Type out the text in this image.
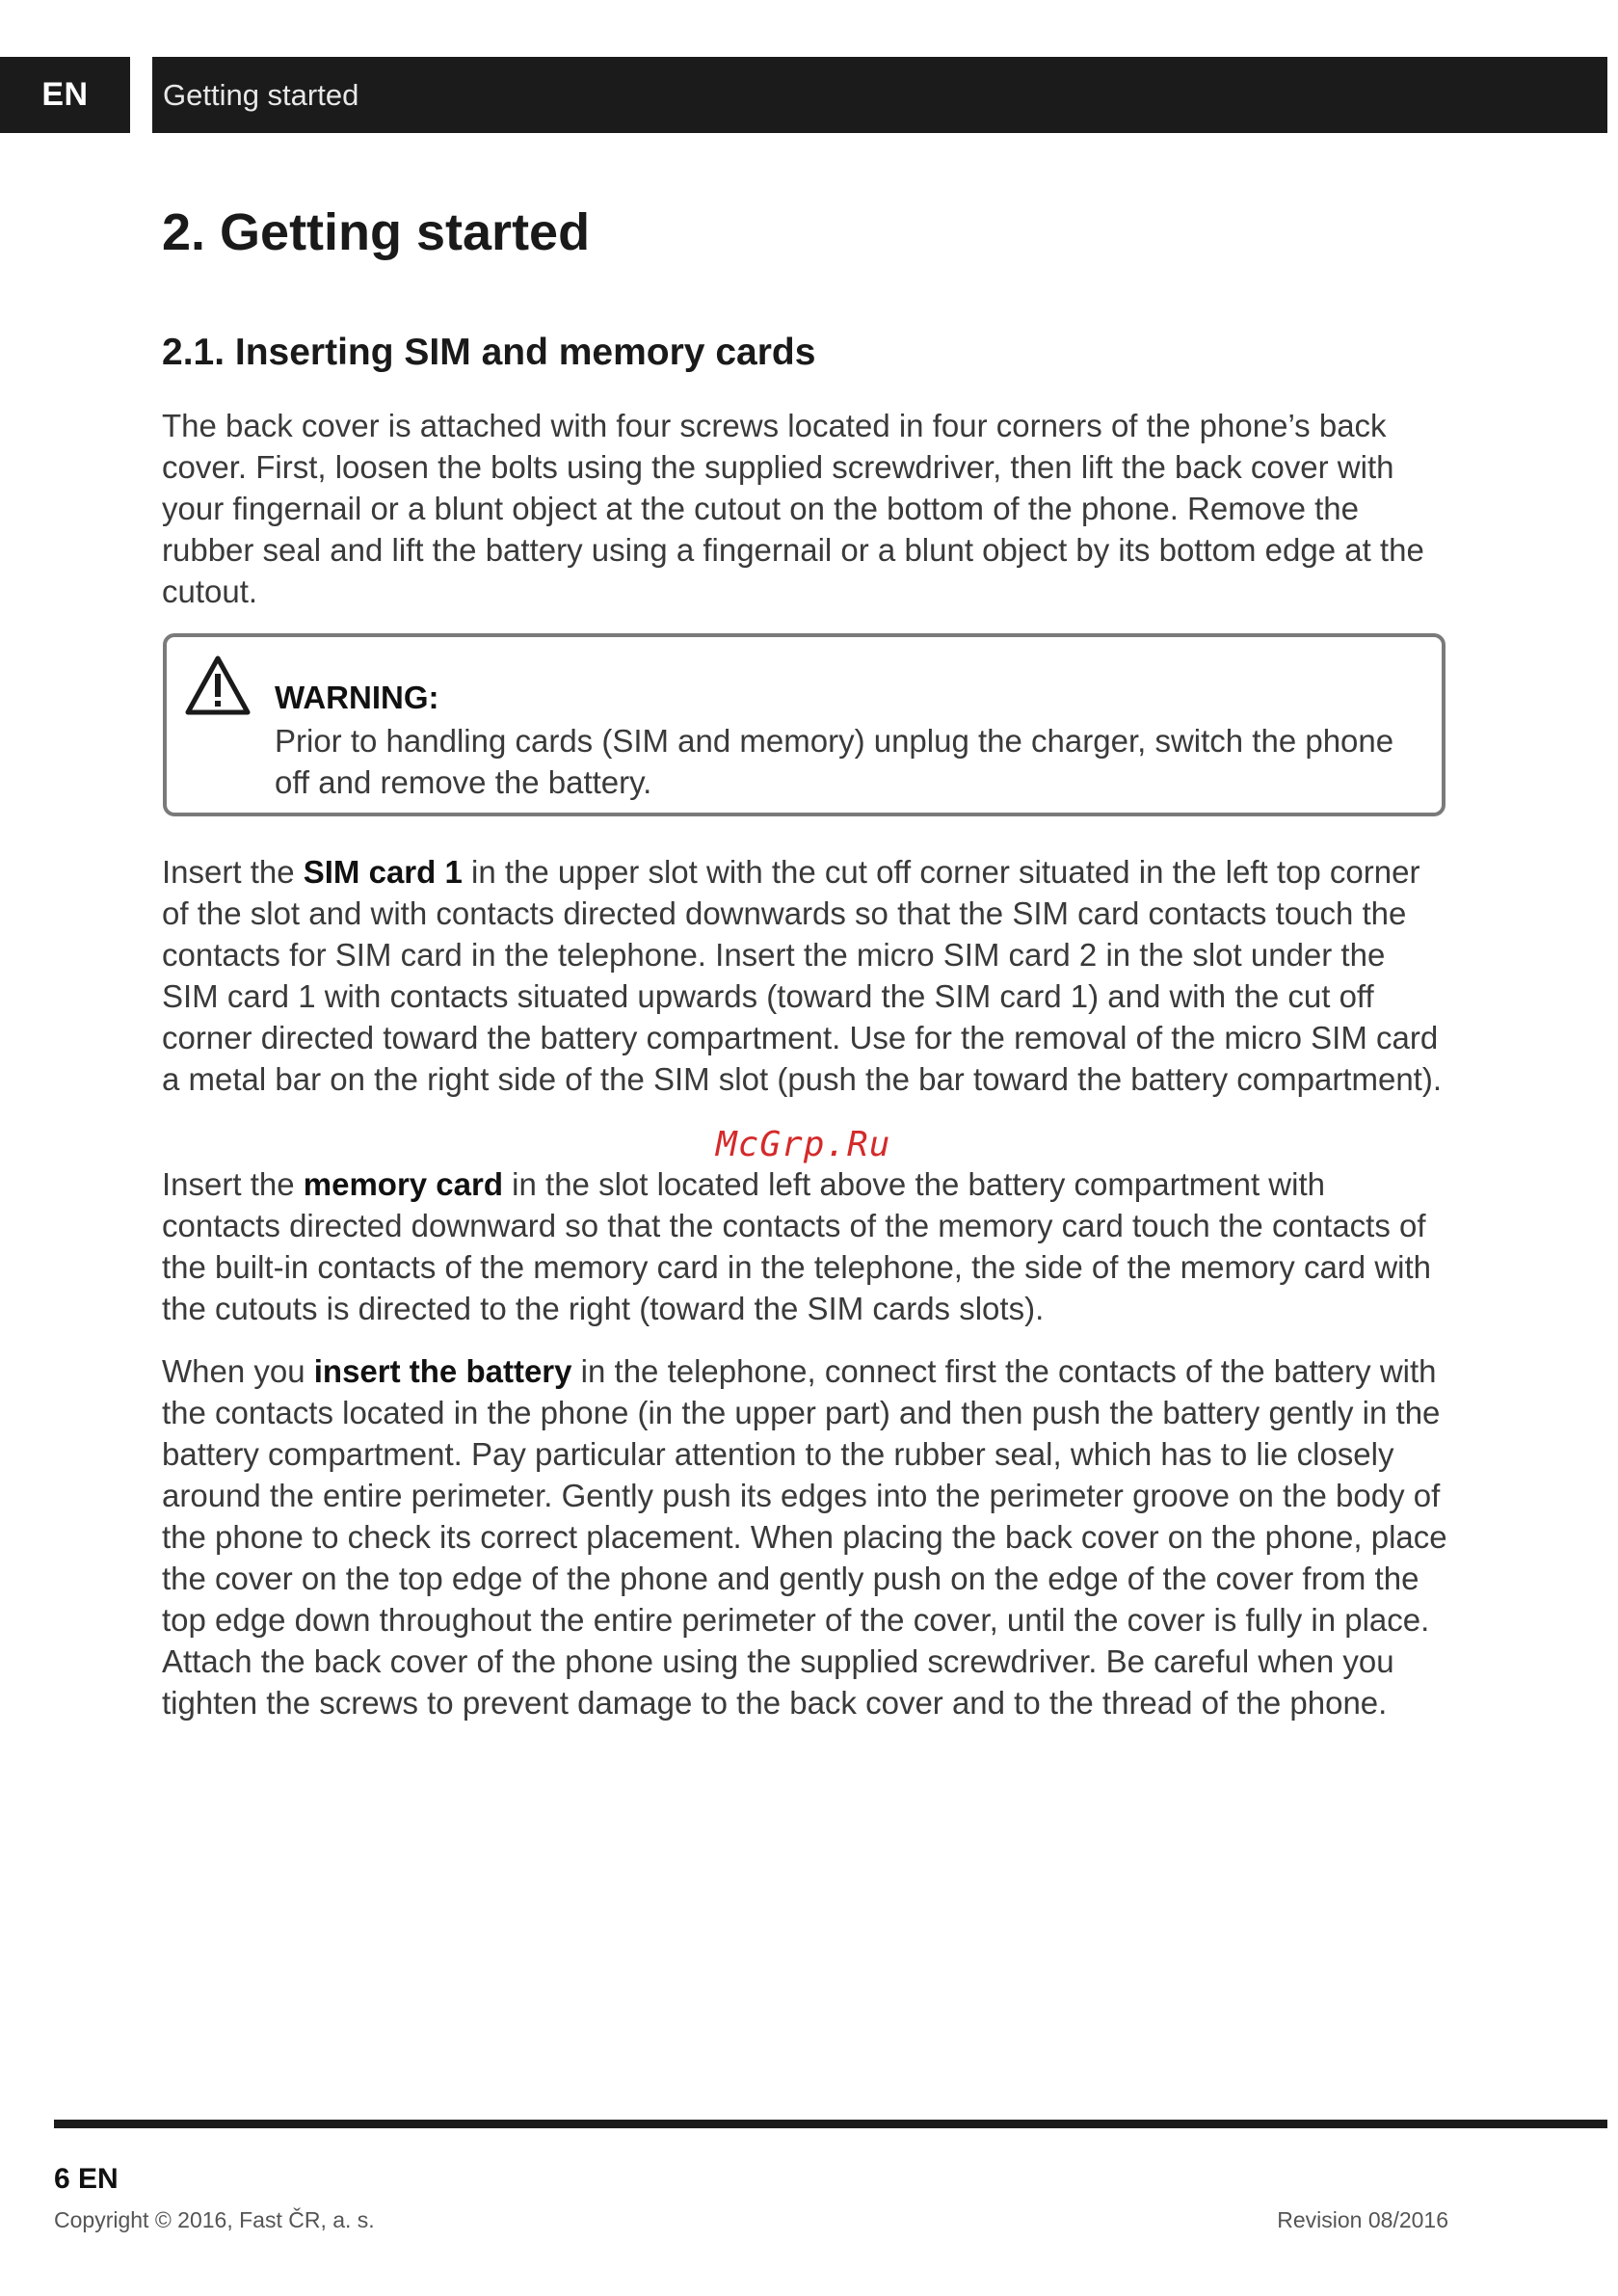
EN	Getting started
2. Getting started
2.1. Inserting SIM and memory cards

The back cover is attached with four screws located in four corners of the phone’s back cover. First, loosen the bolts using the supplied screwdriver, then lift the back cover with your fingernail or a blunt object at the cutout on the bottom of the phone. Remove the rubber seal and lift the battery using a fingernail or a blunt object by its bottom edge at the cutout.

WARNING:
Prior to handling cards (SIM and memory) unplug the charger, switch the phone off and remove the battery.

Insert the SIM card 1 in the upper slot with the cut off corner situated in the left top corner of the slot and with contacts directed downwards so that the SIM card contacts touch the contacts for SIM card in the telephone. Insert the micro SIM card 2 in the slot under the SIM card 1 with contacts situated upwards (toward the SIM card 1) and with the cut off corner directed toward the battery compartment. Use for the removal of the micro SIM card a metal bar on the right side of the SIM slot (push the bar toward the battery compartment).

McGrp.Ru

Insert the memory card in the slot located left above the battery compartment with contacts directed downward so that the contacts of the memory card touch the contacts of the built-in contacts of the memory card in the telephone, the side of the memory card with the cutouts is directed to the right (toward the SIM cards slots).

When you insert the battery in the telephone, connect first the contacts of the battery with the contacts located in the phone (in the upper part) and then push the battery gently in the battery compartment. Pay particular attention to the rubber seal, which has to lie closely around the entire perimeter. Gently push its edges into the perimeter groove on the body of the phone to check its correct placement. When placing the back cover on the phone, place the cover on the top edge of the phone and gently push on the edge of the cover from the top edge down throughout the entire perimeter of the cover, until the cover is fully in place. Attach the back cover of the phone using the supplied screwdriver. Be careful when you tighten the screws to prevent damage to the back cover and to the thread of the phone.

6 EN
Copyright © 2016, Fast ČR, a. s.	Revision 08/2016
